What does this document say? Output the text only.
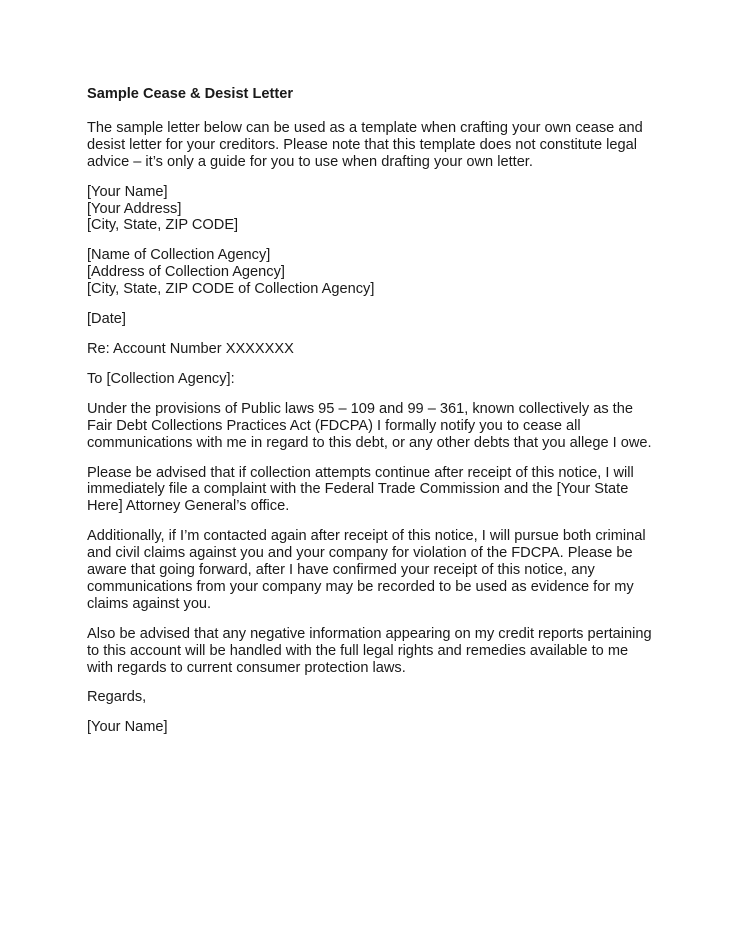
Sample Cease & Desist Letter
The sample letter below can be used as a template when crafting your own cease and
desist letter for your creditors. Please note that this template does not constitute legal
advice – it’s only a guide for you to use when drafting your own letter.
[Your Name]
[Your Address]
[City, State, ZIP CODE]
[Name of Collection Agency]
[Address of Collection Agency]
[City, State, ZIP CODE of Collection Agency]
[Date]
Re: Account Number XXXXXXX
To [Collection Agency]:
Under the provisions of Public laws 95 – 109 and 99 – 361, known collectively as the
Fair Debt Collections Practices Act (FDCPA) I formally notify you to cease all
communications with me in regard to this debt, or any other debts that you allege I owe.
Please be advised that if collection attempts continue after receipt of this notice, I will
immediately file a complaint with the Federal Trade Commission and the [Your State
Here] Attorney General’s office.
Additionally, if I’m contacted again after receipt of this notice, I will pursue both criminal
and civil claims against you and your company for violation of the FDCPA. Please be
aware that going forward, after I have confirmed your receipt of this notice, any
communications from your company may be recorded to be used as evidence for my
claims against you.
Also be advised that any negative information appearing on my credit reports pertaining
to this account will be handled with the full legal rights and remedies available to me
with regards to current consumer protection laws.
Regards,
[Your Name]
